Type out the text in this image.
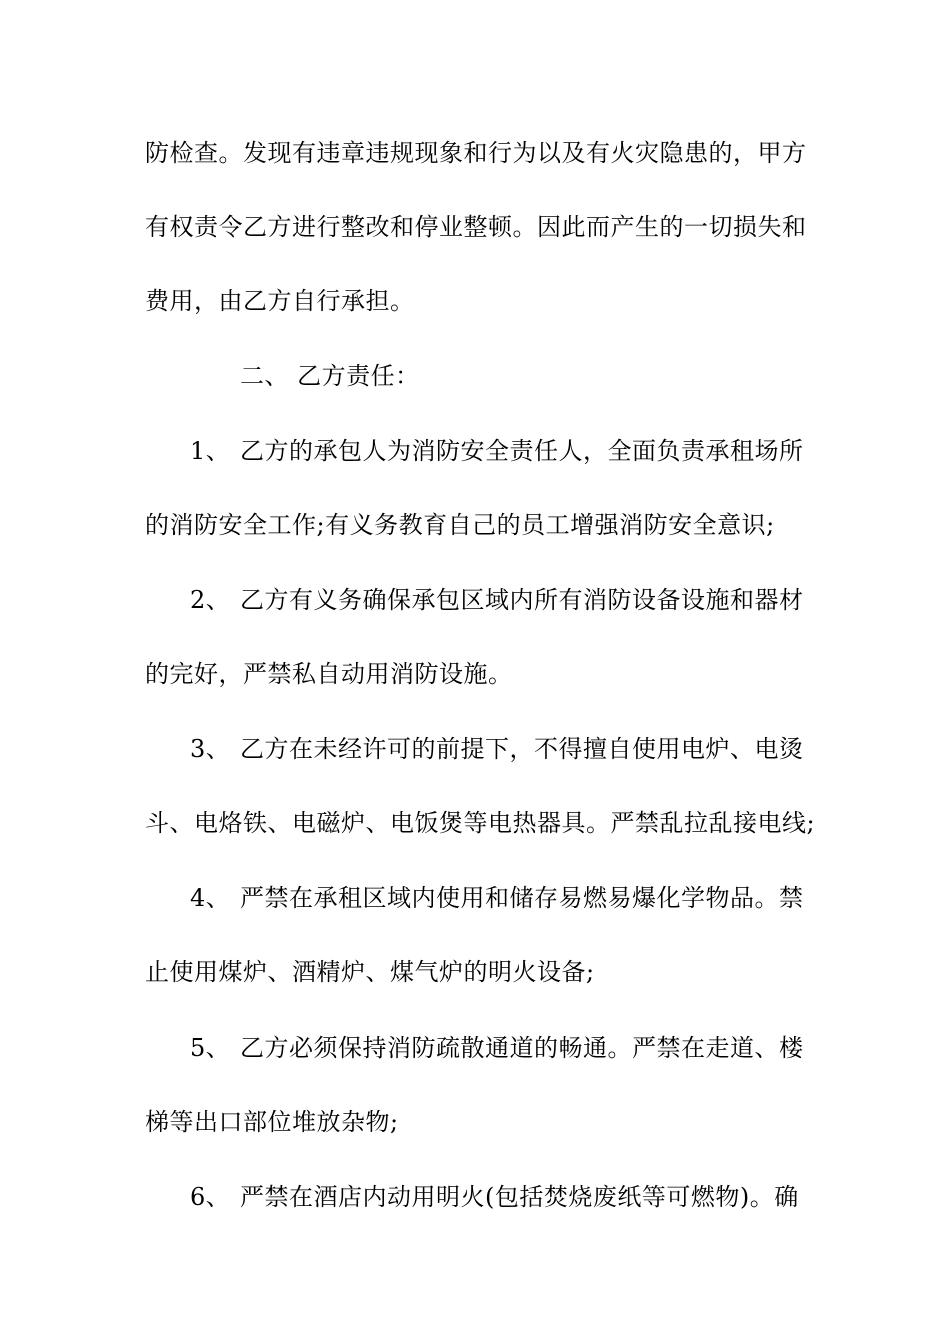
防检查。发现有违章违规现象和行为以及有火灾隐患的，甲方
有权责令乙方进行整改和停业整顿。因此而产生的一切损失和
费用，由乙方自行承担。
二、 乙方责任：
1、 乙方的承包人为消防安全责任人，全面负责承租场所
的消防安全工作;有义务教育自己的员工增强消防安全意识;
2、 乙方有义务确保承包区域内所有消防设备设施和器材
的完好，严禁私自动用消防设施。
3、 乙方在未经许可的前提下，不得擅自使用电炉、电烫
斗、电烙铁、电磁炉、电饭煲等电热器具。严禁乱拉乱接电线;
4、 严禁在承租区域内使用和储存易燃易爆化学物品。禁
止使用煤炉、酒精炉、煤气炉的明火设备;
5、 乙方必须保持消防疏散通道的畅通。严禁在走道、楼
梯等出口部位堆放杂物;
6、 严禁在酒店内动用明火(包括焚烧废纸等可燃物)。确
